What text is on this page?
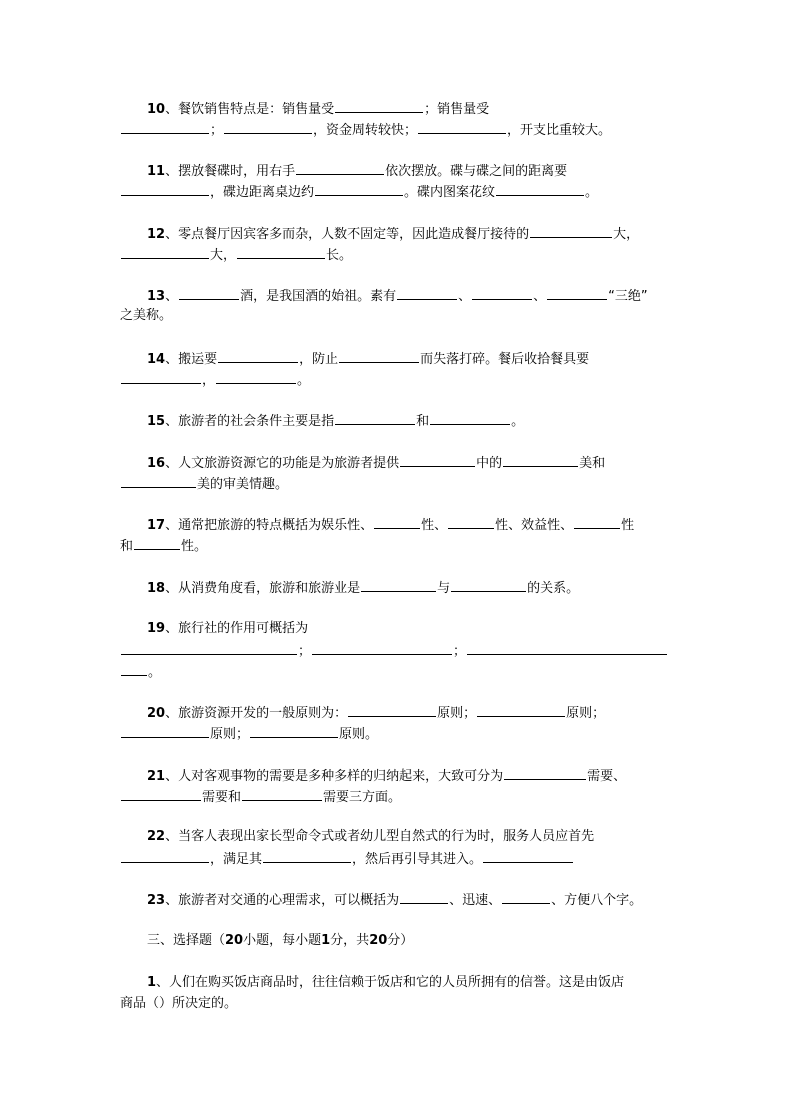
10、餐饮销售特点是：销售量受	；销售量受
；	，资金周转较快；	，开支比重较大。
11、摆放餐碟时，用右手	依次摆放。碟与碟之间的距离要
，碟边距离桌边约	。碟内图案花纹	。
12、零点餐厅因宾客多而杂，人数不固定等，因此造成餐厅接待的	大，
大，	长。
13、	酒，是我国酒的始祖。素有	、	、	“三绝”
之美称。
14、搬运要	，防止	而失落打碎。餐后收拾餐具要
，	。
15、旅游者的社会条件主要是指	和	。
16、人文旅游资源它的功能是为旅游者提供	中的	美和
美的审美情趣。
17、通常把旅游的特点概括为娱乐性、	性、	性、效益性、	性
和	性。
18、从消费角度看，旅游和旅游业是	与	的关系。
19、旅行社的作用可概括为
；	；
。
20、旅游资源开发的一般原则为：	原则；	原则；
原则；	原则。
21、人对客观事物的需要是多种多样的归纳起来，大致可分为	需要、
需要和	需要三方面。
22、当客人表现出家长型命令式或者幼儿型自然式的行为时，服务人员应首先
，满足其	，然后再引导其进入。
23、旅游者对交通的心理需求，可以概括为	、迅速、	、方便八个字。
三、选择题（20小题，每小题1分，共20分）
1、人们在购买饭店商品时，往往信赖于饭店和它的人员所拥有的信誉。这是由饭店
商品（）所决定的。
